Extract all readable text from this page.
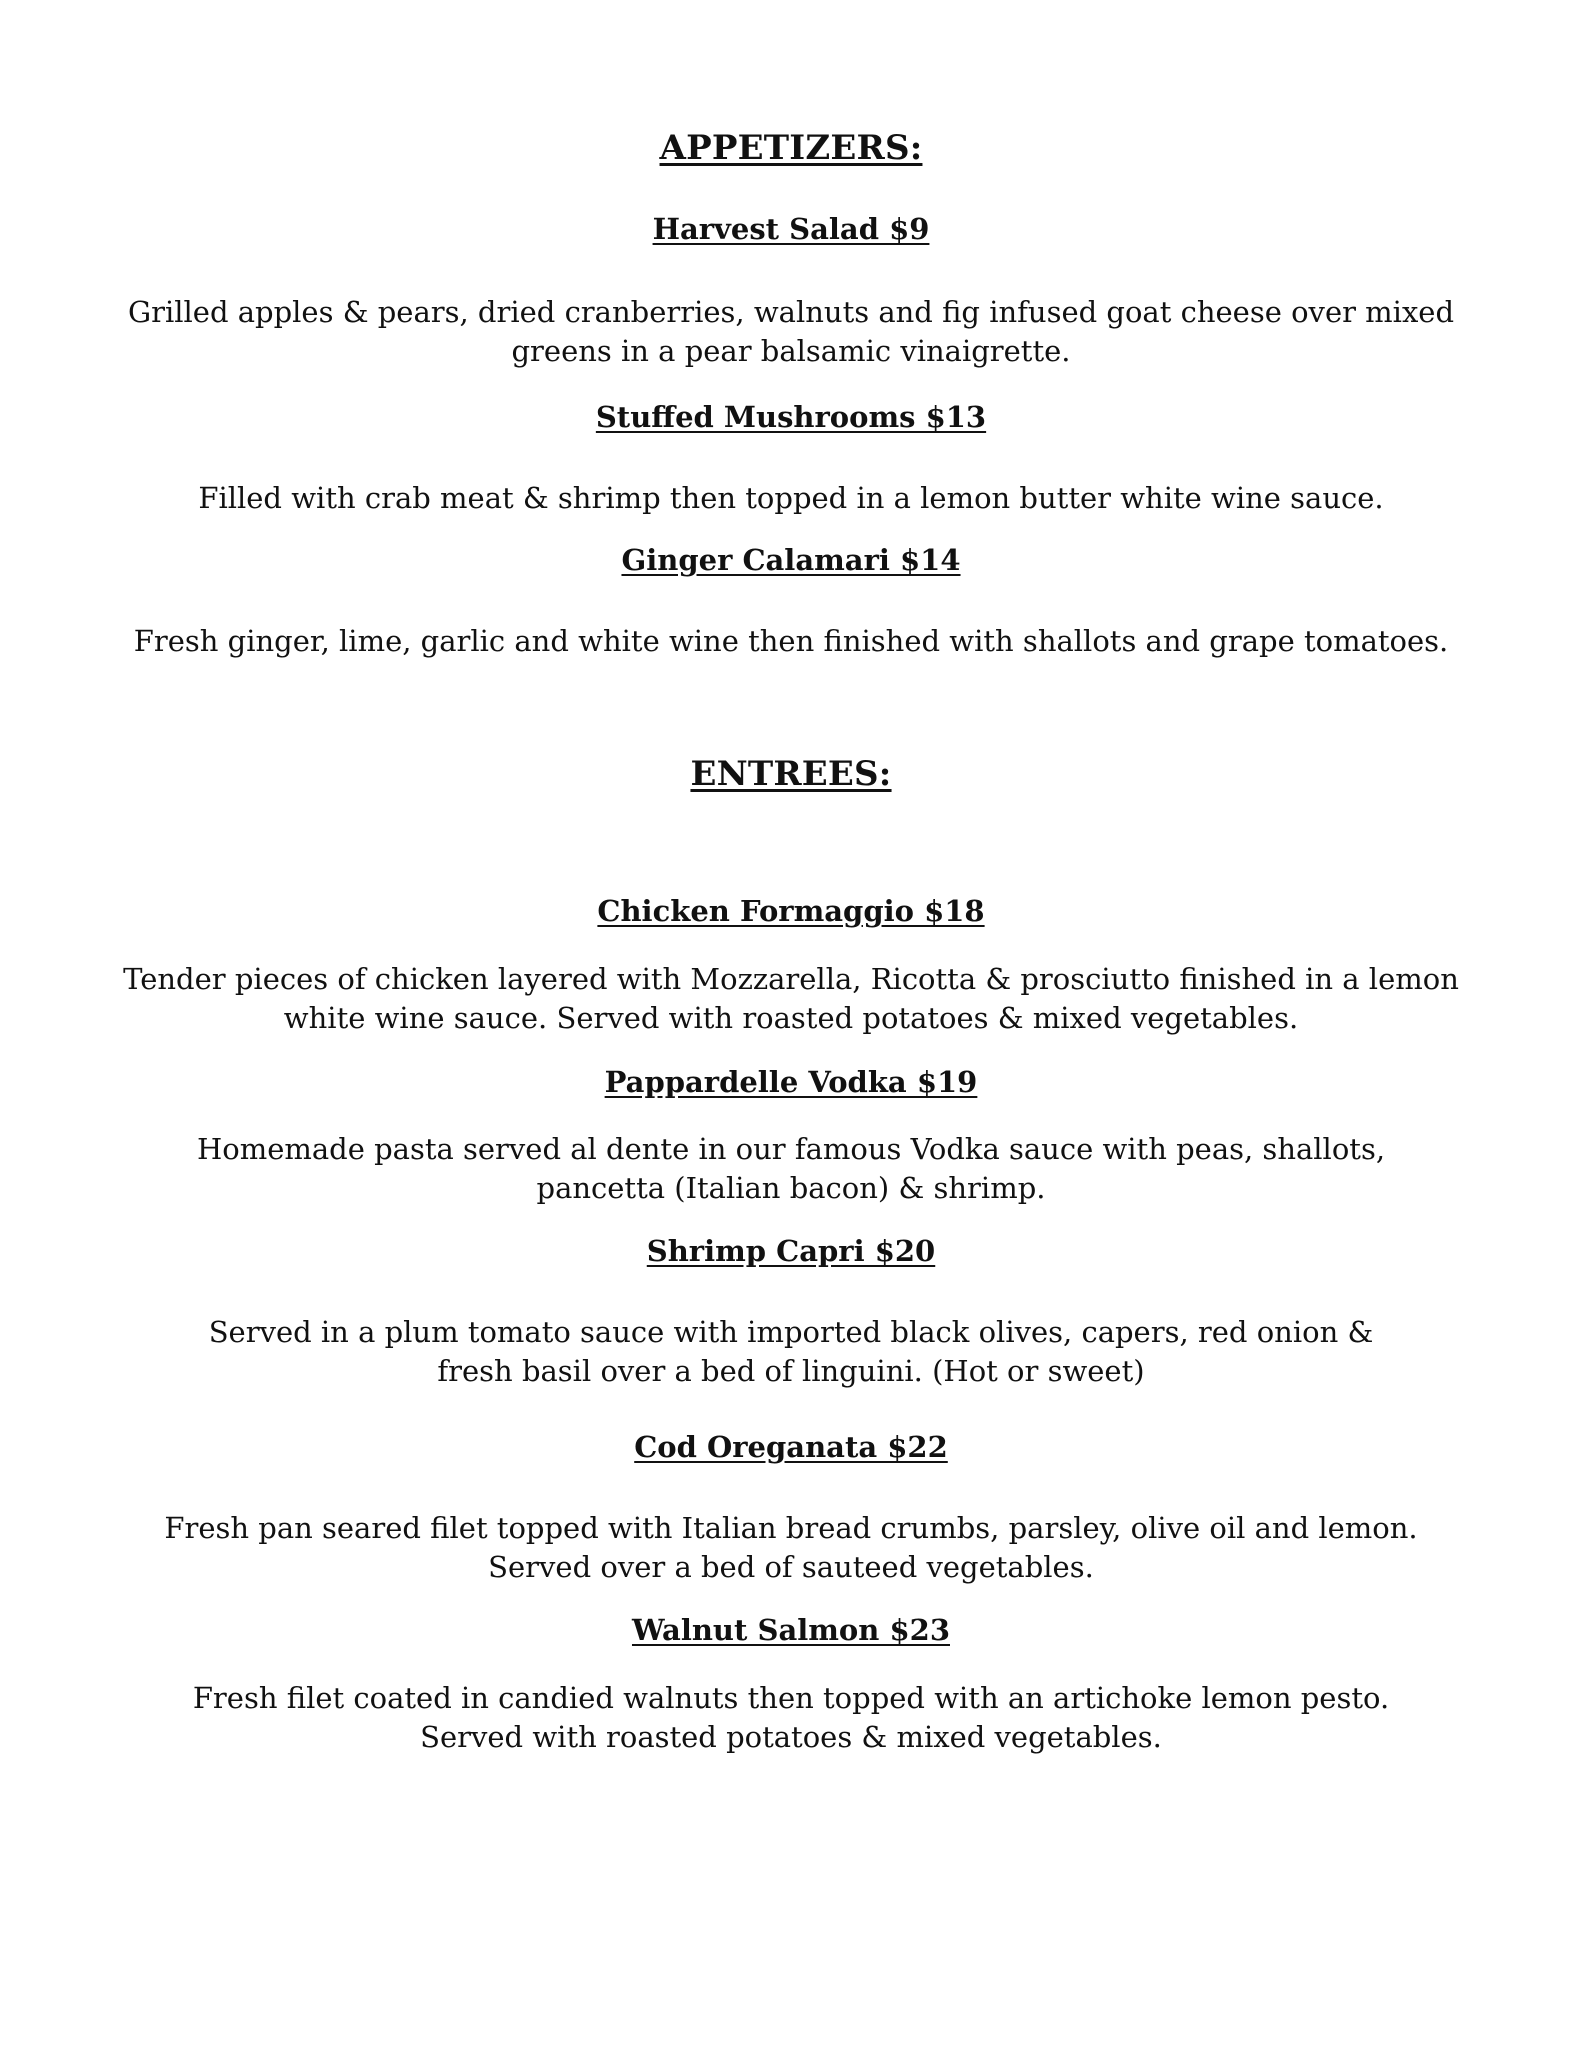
APPETIZERS:
Harvest Salad $9
Grilled apples & pears, dried cranberries, walnuts and fig infused goat cheese over mixed
greens in a pear balsamic vinaigrette.
Stuffed Mushrooms $13
Filled with crab meat & shrimp then topped in a lemon butter white wine sauce.
Ginger Calamari $14
Fresh ginger, lime, garlic and white wine then finished with shallots and grape tomatoes.
ENTREES:
Chicken Formaggio $18
Tender pieces of chicken layered with Mozzarella, Ricotta & prosciutto finished in a lemon
white wine sauce. Served with roasted potatoes & mixed vegetables.
Pappardelle Vodka $19
Homemade pasta served al dente in our famous Vodka sauce with peas, shallots,
pancetta (Italian bacon) & shrimp.
Shrimp Capri $20
Served in a plum tomato sauce with imported black olives, capers, red onion &
fresh basil over a bed of linguini. (Hot or sweet)
Cod Oreganata $22
Fresh pan seared filet topped with Italian bread crumbs, parsley, olive oil and lemon.
Served over a bed of sauteed vegetables.
Walnut Salmon $23
Fresh filet coated in candied walnuts then topped with an artichoke lemon pesto.
Served with roasted potatoes & mixed vegetables.
